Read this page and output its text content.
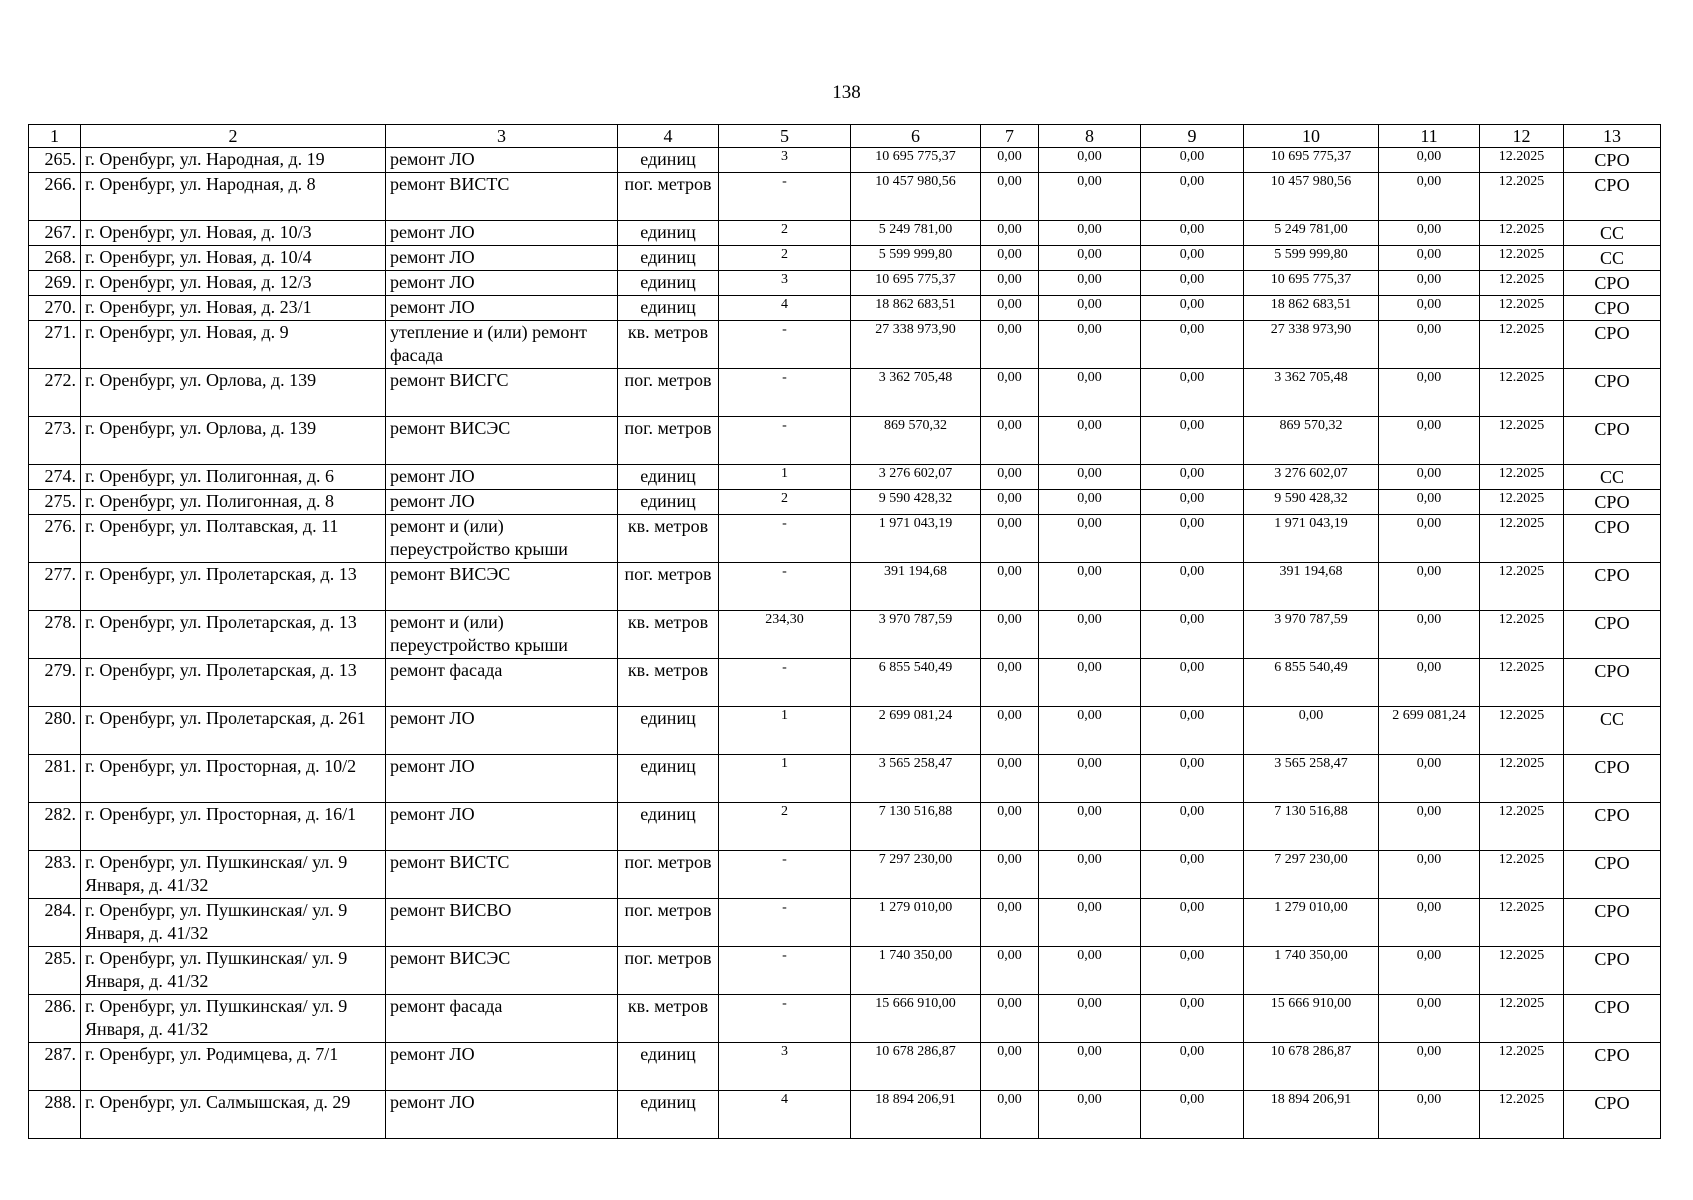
138
1	2	3	4	5	6	7	8	9	10	11	12	13
265.	г. Оренбург, ул. Народная, д. 19	ремонт ЛО	единиц	3	10 695 775,37	0,00	0,00	0,00	10 695 775,37	0,00	12.2025	СРО
266.	г. Оренбург, ул. Народная, д. 8	ремонт ВИСТС	пог. метров	-	10 457 980,56	0,00	0,00	0,00	10 457 980,56	0,00	12.2025	СРО
267.	г. Оренбург, ул. Новая, д. 10/3	ремонт ЛО	единиц	2	5 249 781,00	0,00	0,00	0,00	5 249 781,00	0,00	12.2025	СС
268.	г. Оренбург, ул. Новая, д. 10/4	ремонт ЛО	единиц	2	5 599 999,80	0,00	0,00	0,00	5 599 999,80	0,00	12.2025	СС
269.	г. Оренбург, ул. Новая, д. 12/3	ремонт ЛО	единиц	3	10 695 775,37	0,00	0,00	0,00	10 695 775,37	0,00	12.2025	СРО
270.	г. Оренбург, ул. Новая, д. 23/1	ремонт ЛО	единиц	4	18 862 683,51	0,00	0,00	0,00	18 862 683,51	0,00	12.2025	СРО
271.	г. Оренбург, ул. Новая, д. 9	утепление и (или) ремонт фасада	кв. метров	-	27 338 973,90	0,00	0,00	0,00	27 338 973,90	0,00	12.2025	СРО
272.	г. Оренбург, ул. Орлова, д. 139	ремонт ВИСГС	пог. метров	-	3 362 705,48	0,00	0,00	0,00	3 362 705,48	0,00	12.2025	СРО
273.	г. Оренбург, ул. Орлова, д. 139	ремонт ВИСЭС	пог. метров	-	869 570,32	0,00	0,00	0,00	869 570,32	0,00	12.2025	СРО
274.	г. Оренбург, ул. Полигонная, д. 6	ремонт ЛО	единиц	1	3 276 602,07	0,00	0,00	0,00	3 276 602,07	0,00	12.2025	СС
275.	г. Оренбург, ул. Полигонная, д. 8	ремонт ЛО	единиц	2	9 590 428,32	0,00	0,00	0,00	9 590 428,32	0,00	12.2025	СРО
276.	г. Оренбург, ул. Полтавская, д. 11	ремонт и (или) переустройство крыши	кв. метров	-	1 971 043,19	0,00	0,00	0,00	1 971 043,19	0,00	12.2025	СРО
277.	г. Оренбург, ул. Пролетарская, д. 13	ремонт ВИСЭС	пог. метров	-	391 194,68	0,00	0,00	0,00	391 194,68	0,00	12.2025	СРО
278.	г. Оренбург, ул. Пролетарская, д. 13	ремонт и (или) переустройство крыши	кв. метров	234,30	3 970 787,59	0,00	0,00	0,00	3 970 787,59	0,00	12.2025	СРО
279.	г. Оренбург, ул. Пролетарская, д. 13	ремонт фасада	кв. метров	-	6 855 540,49	0,00	0,00	0,00	6 855 540,49	0,00	12.2025	СРО
280.	г. Оренбург, ул. Пролетарская, д. 261	ремонт ЛО	единиц	1	2 699 081,24	0,00	0,00	0,00	0,00	2 699 081,24	12.2025	СС
281.	г. Оренбург, ул. Просторная, д. 10/2	ремонт ЛО	единиц	1	3 565 258,47	0,00	0,00	0,00	3 565 258,47	0,00	12.2025	СРО
282.	г. Оренбург, ул. Просторная, д. 16/1	ремонт ЛО	единиц	2	7 130 516,88	0,00	0,00	0,00	7 130 516,88	0,00	12.2025	СРО
283.	г. Оренбург, ул. Пушкинская/ ул. 9 Января, д. 41/32	ремонт ВИСТС	пог. метров	-	7 297 230,00	0,00	0,00	0,00	7 297 230,00	0,00	12.2025	СРО
284.	г. Оренбург, ул. Пушкинская/ ул. 9 Января, д. 41/32	ремонт ВИСВО	пог. метров	-	1 279 010,00	0,00	0,00	0,00	1 279 010,00	0,00	12.2025	СРО
285.	г. Оренбург, ул. Пушкинская/ ул. 9 Января, д. 41/32	ремонт ВИСЭС	пог. метров	-	1 740 350,00	0,00	0,00	0,00	1 740 350,00	0,00	12.2025	СРО
286.	г. Оренбург, ул. Пушкинская/ ул. 9 Января, д. 41/32	ремонт фасада	кв. метров	-	15 666 910,00	0,00	0,00	0,00	15 666 910,00	0,00	12.2025	СРО
287.	г. Оренбург, ул. Родимцева, д. 7/1	ремонт ЛО	единиц	3	10 678 286,87	0,00	0,00	0,00	10 678 286,87	0,00	12.2025	СРО
288.	г. Оренбург, ул. Салмышская, д. 29	ремонт ЛО	единиц	4	18 894 206,91	0,00	0,00	0,00	18 894 206,91	0,00	12.2025	СРО
